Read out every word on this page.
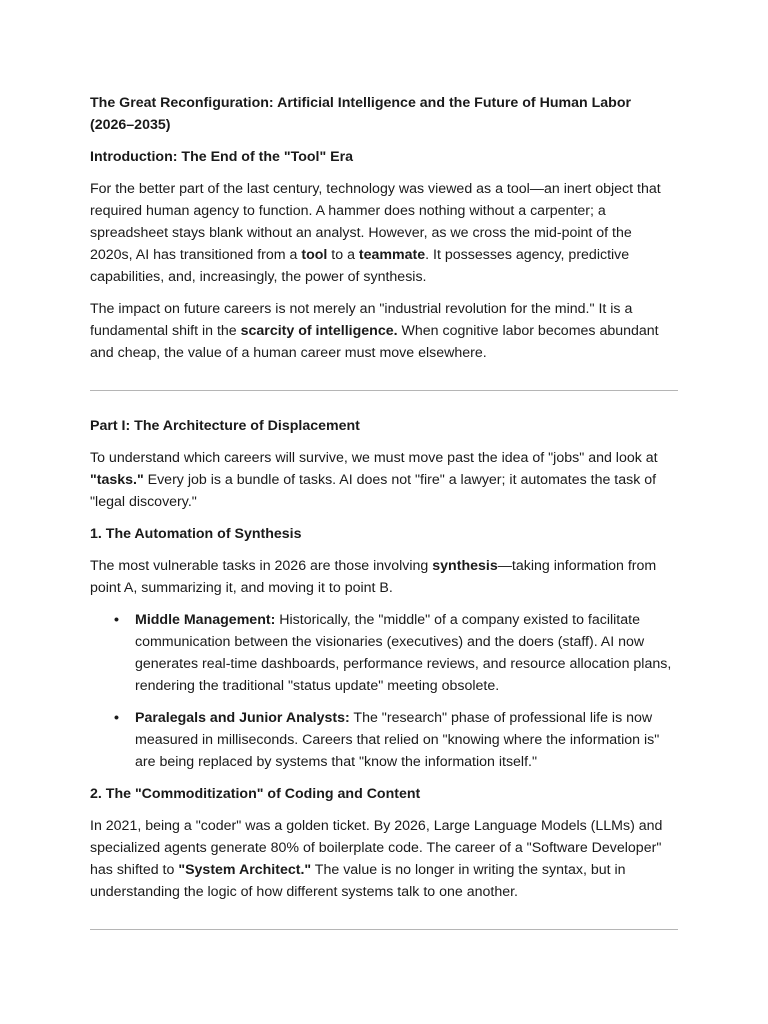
The Great Reconfiguration: Artificial Intelligence and the Future of Human Labor (2026–2035)

Introduction: The End of the "Tool" Era

For the better part of the last century, technology was viewed as a tool—an inert object that required human agency to function. A hammer does nothing without a carpenter; a spreadsheet stays blank without an analyst. However, as we cross the mid-point of the 2020s, AI has transitioned from a tool to a teammate. It possesses agency, predictive capabilities, and, increasingly, the power of synthesis.

The impact on future careers is not merely an "industrial revolution for the mind." It is a fundamental shift in the scarcity of intelligence. When cognitive labor becomes abundant and cheap, the value of a human career must move elsewhere.

Part I: The Architecture of Displacement

To understand which careers will survive, we must move past the idea of "jobs" and look at "tasks." Every job is a bundle of tasks. AI does not "fire" a lawyer; it automates the task of "legal discovery."

1. The Automation of Synthesis

The most vulnerable tasks in 2026 are those involving synthesis—taking information from point A, summarizing it, and moving it to point B.

• Middle Management: Historically, the "middle" of a company existed to facilitate communication between the visionaries (executives) and the doers (staff). AI now generates real-time dashboards, performance reviews, and resource allocation plans, rendering the traditional "status update" meeting obsolete.
• Paralegals and Junior Analysts: The "research" phase of professional life is now measured in milliseconds. Careers that relied on "knowing where the information is" are being replaced by systems that "know the information itself."

2. The "Commoditization" of Coding and Content

In 2021, being a "coder" was a golden ticket. By 2026, Large Language Models (LLMs) and specialized agents generate 80% of boilerplate code. The career of a "Software Developer" has shifted to "System Architect." The value is no longer in writing the syntax, but in understanding the logic of how different systems talk to one another.
